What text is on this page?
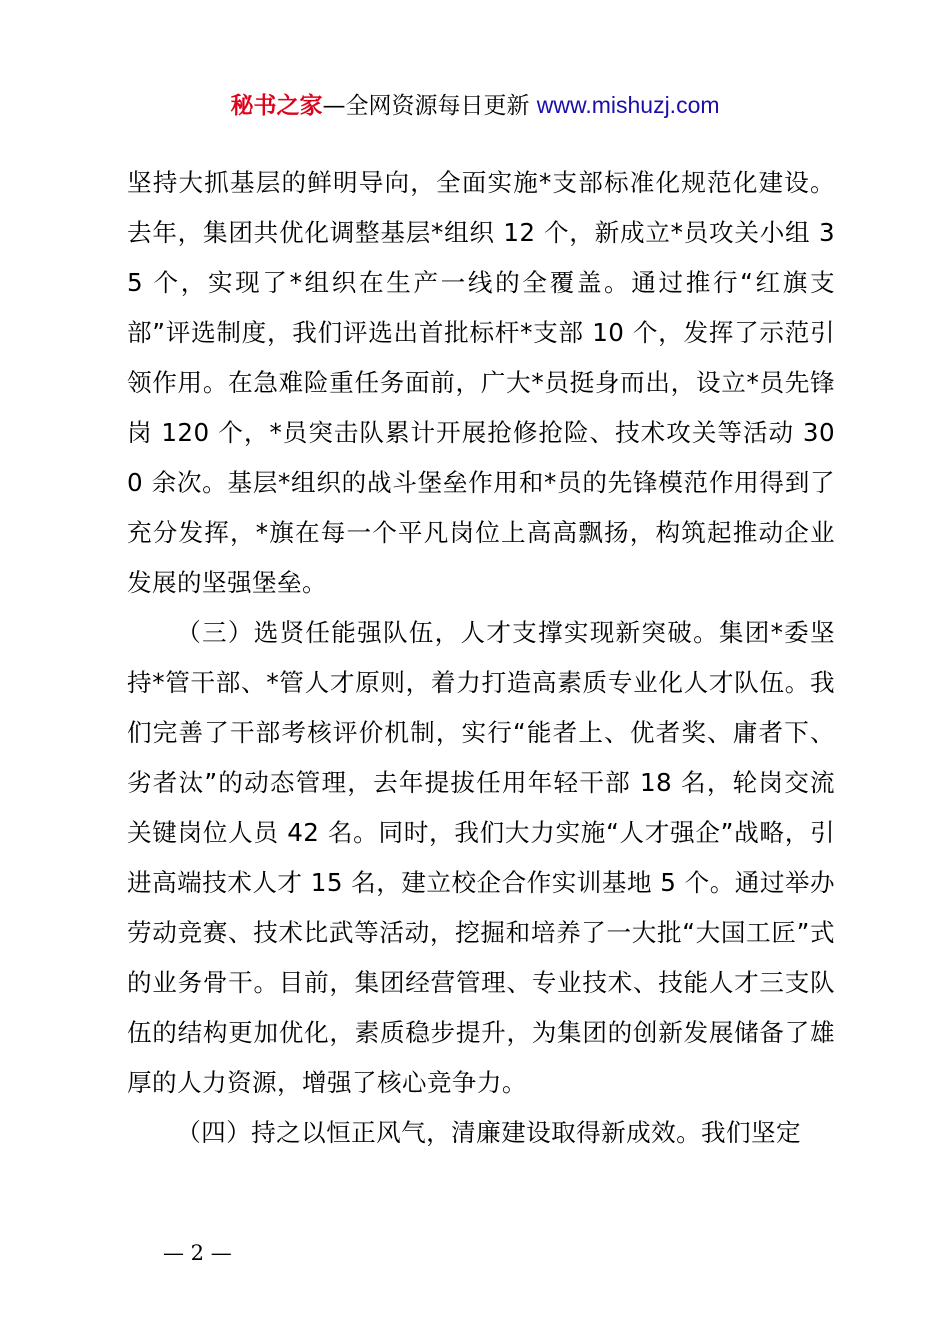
秘书之家—全网资源每日更新 www.mishuzj.com

坚持大抓基层的鲜明导向，全面实施*支部标准化规范化建设。去年，集团共优化调整基层*组织 12 个，新成立*员攻关小组 35 个，实现了*组织在生产一线的全覆盖。通过推行“红旗支部”评选制度，我们评选出首批标杆*支部 10 个，发挥了示范引领作用。在急难险重任务面前，广大*员挺身而出，设立*员先锋岗 120 个，*员突击队累计开展抢修抢险、技术攻关等活动 300 余次。基层*组织的战斗堡垒作用和*员的先锋模范作用得到了充分发挥，*旗在每一个平凡岗位上高高飘扬，构筑起推动企业发展的坚强堡垒。

（三）选贤任能强队伍，人才支撑实现新突破。集团*委坚持*管干部、*管人才原则，着力打造高素质专业化人才队伍。我们完善了干部考核评价机制，实行“能者上、优者奖、庸者下、劣者汰”的动态管理，去年提拔任用年轻干部 18 名，轮岗交流关键岗位人员 42 名。同时，我们大力实施“人才强企”战略，引进高端技术人才 15 名，建立校企合作实训基地 5 个。通过举办劳动竞赛、技术比武等活动，挖掘和培养了一大批“大国工匠”式的业务骨干。目前，集团经营管理、专业技术、技能人才三支队伍的结构更加优化，素质稳步提升，为集团的创新发展储备了雄厚的人力资源，增强了核心竞争力。

（四）持之以恒正风气，清廉建设取得新成效。我们坚定

— 2 —
